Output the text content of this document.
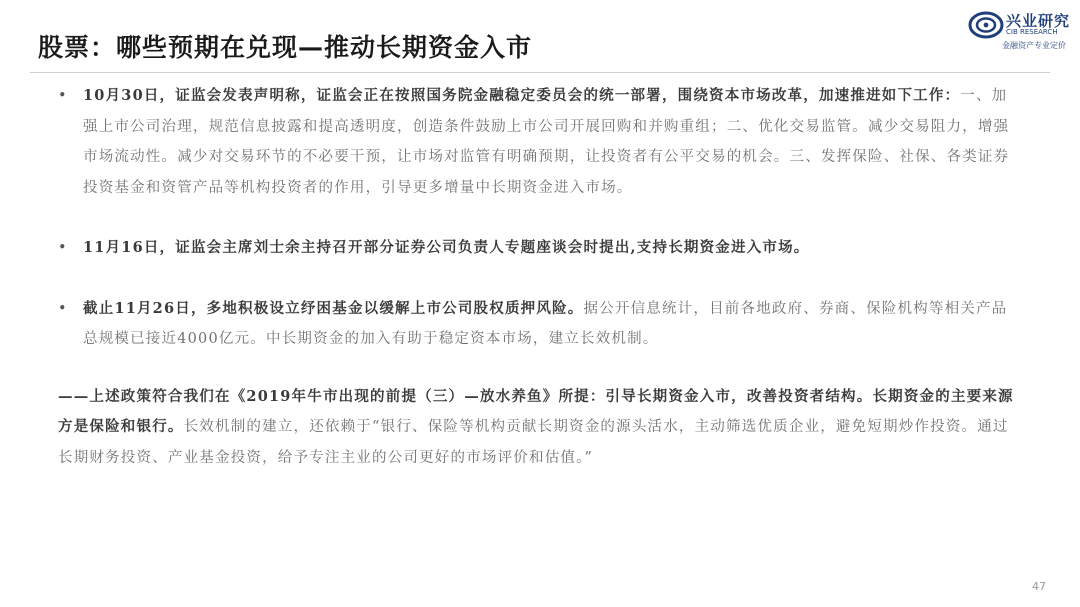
股票：哪些预期在兑现—推动长期资金入市
兴业研究
CIB RESEARCH
金融资产专业定价

• 10月30日，证监会发表声明称，证监会正在按照国务院金融稳定委员会的统一部署，围绕资本市场改革，加速推进如下工作：一、加强上市公司治理，规范信息披露和提高透明度，创造条件鼓励上市公司开展回购和并购重组；二、优化交易监管。减少交易阻力，增强市场流动性。减少对交易环节的不必要干预，让市场对监管有明确预期，让投资者有公平交易的机会。三、发挥保险、社保、各类证券投资基金和资管产品等机构投资者的作用，引导更多增量中长期资金进入市场。

• 11月16日，证监会主席刘士余主持召开部分证券公司负责人专题座谈会时提出,支持长期资金进入市场。

• 截止11月26日，多地积极设立纾困基金以缓解上市公司股权质押风险。据公开信息统计，目前各地政府、券商、保险机构等相关产品总规模已接近4000亿元。中长期资金的加入有助于稳定资本市场，建立长效机制。

——上述政策符合我们在《2019年牛市出现的前提（三）—放水养鱼》所提：引导长期资金入市，改善投资者结构。长期资金的主要来源方是保险和银行。长效机制的建立，还依赖于“银行、保险等机构贡献长期资金的源头活水，主动筛选优质企业，避免短期炒作投资。通过长期财务投资、产业基金投资，给予专注主业的公司更好的市场评价和估值。”

47
